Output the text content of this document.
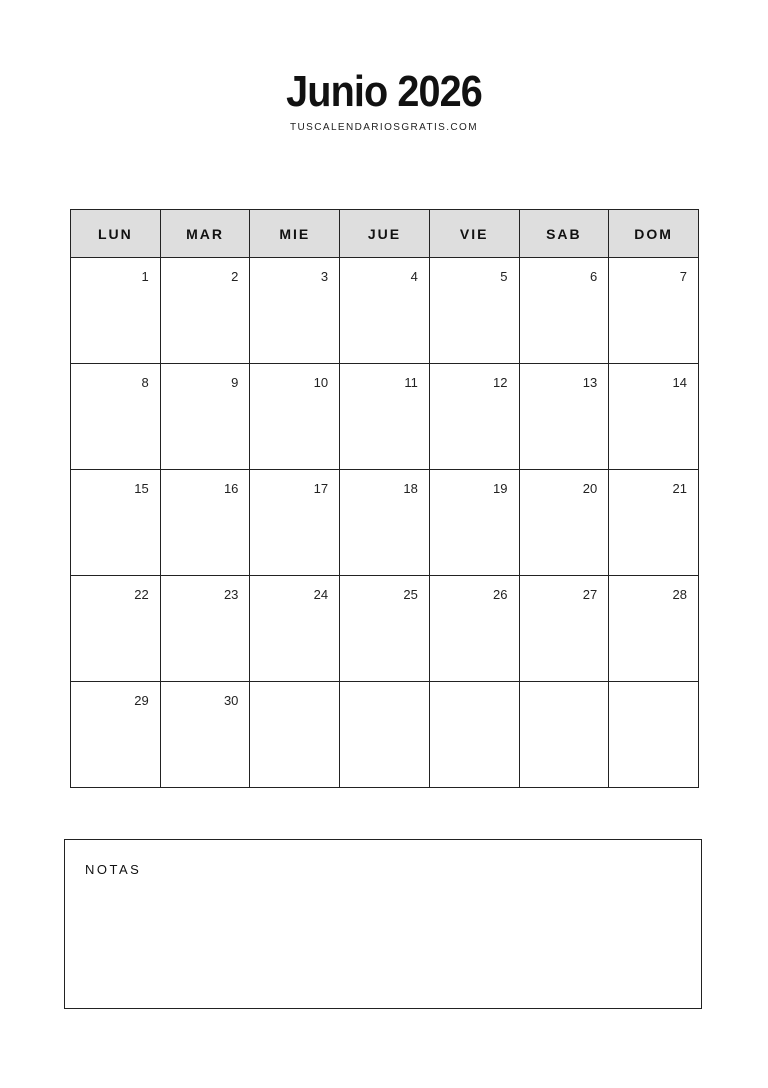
Junio 2026
TUSCALENDARIOSGRATIS.COM
LUN	MAR	MIE	JUE	VIE	SAB	DOM

1	2	3	4	5	6	7

8	9	10	11	12	13	14

15	16	17	18	19	20	21

22	23	24	25	26	27	28

29	30					

NOTAS
